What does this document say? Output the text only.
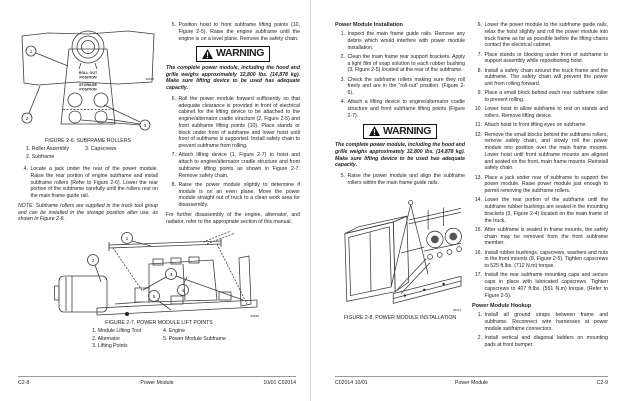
ROLL OUT
POSITION
STORAGE
POSITION
1
2
3
90645
FIGURE 2-6. SUBFRAME ROLLERS
1. Roller Assembly
2. Subframe
3. Capscrews
4. Locate a jack under the rear of the power module. Raise the rear portion of engine subframe and install subframe rollers (Refer to Figure 2-6). Lower the rear portion of the subframe carefully until the rollers rest on the main frame guide rail.
NOTE: Subframe rollers are supplied in the truck tool group and can be installed in the storage position after use, as shown in Figure 2-6.
5. Position hoist to front subframe lifting points (10, Figure 2-5). Raise the engine subframe until the engine is on a level plane. Remove the safety chain.
WARNING
The complete power module, including the hood and grille weighs approximately 32,800 lbs. (14,878 kg). Make sure lifting device to be used has adequate capacity.
6. Roll the power module forward sufficiently so that adequate clearance is provided in front of electrical cabinet for the lifting device to be attached to the engine/alternator cradle structure (2, Figure 2-5) and front subframe lifting points (10). Place stands or block under front of subframe and lower hoist until front of subframe is supported. Install safety chain to prevent subframe from rolling.
7. Attach lifting device (1, Figure 2-7) to hoist and attach to engine/alternator cradle structure and front subframe lifting points as shown in Figure 2-7. Remove safety chain.
8. Raise the power module slightly to determine if module is on an even plane. Move the power module straight out of truck to a clean work area for disassembly.
For further disassembly of the engine, alternator, and radiator, refer to the appropriate section of this manual.
1
2
3
4
5
90645
FIGURE 2-7. POWER MODULE LIFT POINTS
1. Module Lifting Tool
2. Alternator
3. Lifting Points
4. Engine
5. Power Module Subframe
C2-8	Power Module	10/01 C02014
Power Module Installation
1. Inspect the main frame guide rails. Remove any debris which would interfere with power module installation.
2. Clean the main frame rear support brackets. Apply a light film of soap solution to each rubber bushing (3, Figure 2-5) located at the rear of the subframe.
3. Check the subframe rollers making sure they roll freely and are in the "roll-out" position. (Figure 2-6).
4. Attach a lifting device to engine/alternator cradle structure and front subframe lifting points (Figure 2-7).
WARNING
The complete power module, including the hood and grille weighs approximately 32,800 lbs. (14,878 kg). Make sure lifting device to be used has adequate capacity.
5. Raise the power module and align the subframe rollers within the main frame guide rails.
92374
FIGURE 2-8. POWER MODULE INSTALLATION
6. Lower the power module to the subframe guide rails, relax the hoist slightly and roll the power module into truck frame as far as possible before the lifting chains contact the electrical cabinet.
7. Place stands or blocking under front of subframe to support assembly while repositioning hoist.
8. Install a safety chain around the truck frame and the subframe. The safety chain will prevent the power unit from rolling forward.
9. Place a small block behind each rear subframe roller to prevent rolling.
10. Lower hoist to allow subframe to rest on stands and rollers. Remove lifting device.
11. Attach hoist to front lifting eyes on subframe.
12. Remove the small blocks behind the subframe rollers, remove safety chain, and slowly roll the power module into position over the main frame mounts. Lower hoist until front subframe mounts are aligned and seated on the front, main frame mounts. Reinstall safety chain.
13. Place a jack under rear of subframe to support the power module. Raise power module just enough to permit removing the subframe rollers.
14. Lower the rear portion of the subframe until the subframe rubber bushings are seated in the mounting brackets (3, Figure 2-4) located on the main frame of the truck.
15. After subframe is seated in frame mounts, the safety chain may be removed from the front subframe member.
16. Install rubber bushings, capscrews, washers and nuts in the front mounts (8, Figure 2-5). Tighten capscrews to 525 ft.lbs. (712 N.m) torque.
17. Install the rear subframe mounting caps and secure caps in place with lubricated capscrews. Tighten capscrews to 407 ft.lbs. (551 N.m) torque. (Refer to Figure 2-5).
Power Module Hookup
1. Install all ground straps between frame and subframe. Reconnect wire harnesses at power module subframe connectors.
2. Install vertical and diagonal ladders on mounting pads at front bumper.
C02014 10/01	Power Module	C2-9
